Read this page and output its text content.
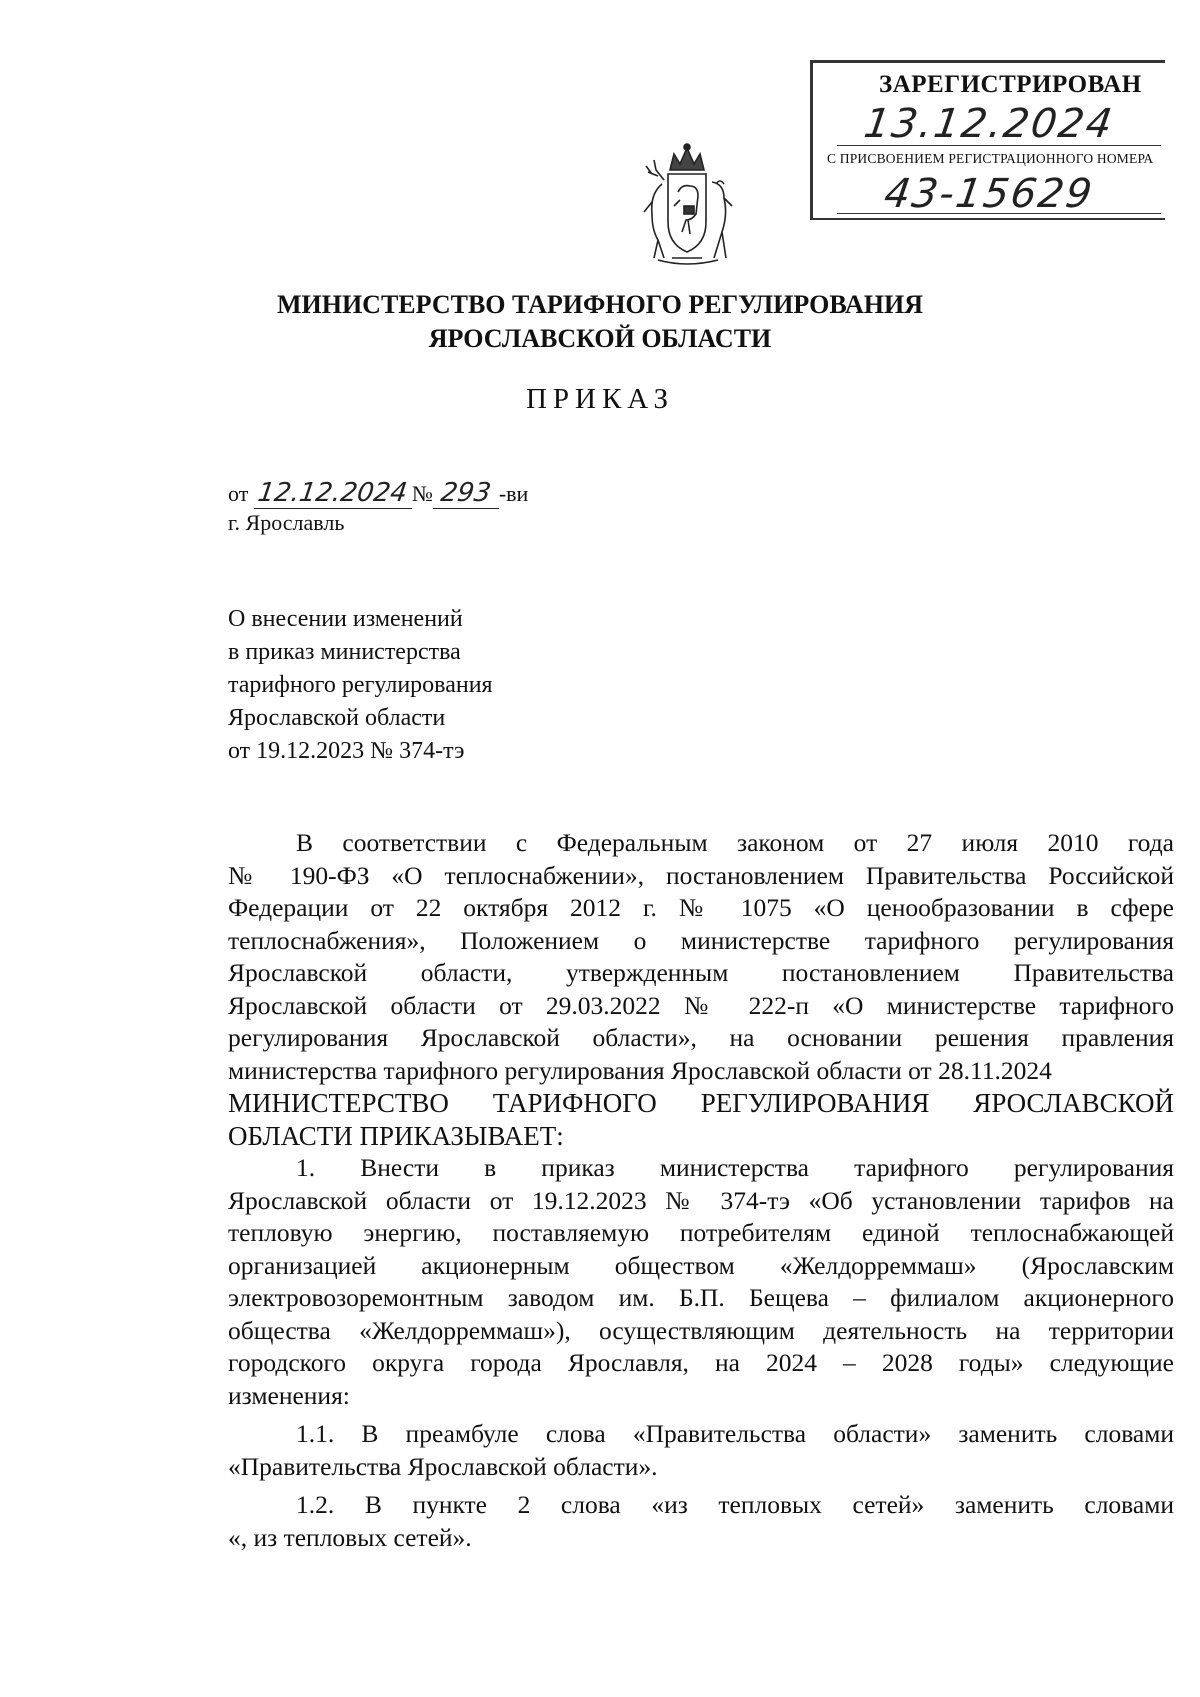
ЗАРЕГИСТРИРОВАН
13.12.2024
С ПРИСВОЕНИЕМ РЕГИСТРАЦИОННОГО НОМЕРА
43-15629
МИНИСТЕРСТВО ТАРИФНОГО РЕГУЛИРОВАНИЯ
ЯРОСЛАВСКОЙ ОБЛАСТИ
ПРИКАЗ
от
12.12.2024 № 293 -ви
г. Ярославль
О внесении изменений
в приказ министерства
тарифного регулирования
Ярославской области
от 19.12.2023 № 374-тэ

В соответствии с Федеральным законом от 27 июля 2010 года

№ 190-ФЗ «О теплоснабжении», постановлением Правительства Российской

Федерации от 22 октября 2012 г. № 1075 «О ценообразовании в сфере

теплоснабжения», Положением о министерстве тарифного регулирования

Ярославской области, утвержденным постановлением Правительства

Ярославской области от 29.03.2022 № 222-п «О министерстве тарифного

регулирования Ярославской области», на основании решения правления

министерства тарифного регулирования Ярославской области от 28.11.2024

МИНИСТЕРСТВО ТАРИФНОГО РЕГУЛИРОВАНИЯ ЯРОСЛАВСКОЙ

ОБЛАСТИ ПРИКАЗЫВАЕТ:

1. Внести в приказ министерства тарифного регулирования

Ярославской области от 19.12.2023 № 374-тэ «Об установлении тарифов на

тепловую энергию, поставляемую потребителям единой теплоснабжающей

организацией акционерным обществом «Желдорреммаш» (Ярославским

электровозоремонтным заводом им. Б.П. Бещева – филиалом акционерного

общества «Желдорреммаш»), осуществляющим деятельность на территории

городского округа города Ярославля, на 2024 – 2028 годы» следующие

изменения:

1.1. В преамбуле слова «Правительства области» заменить словами

«Правительства Ярославской области».

1.2. В пункте 2 слова «из тепловых сетей» заменить словами

«, из тепловых сетей».
